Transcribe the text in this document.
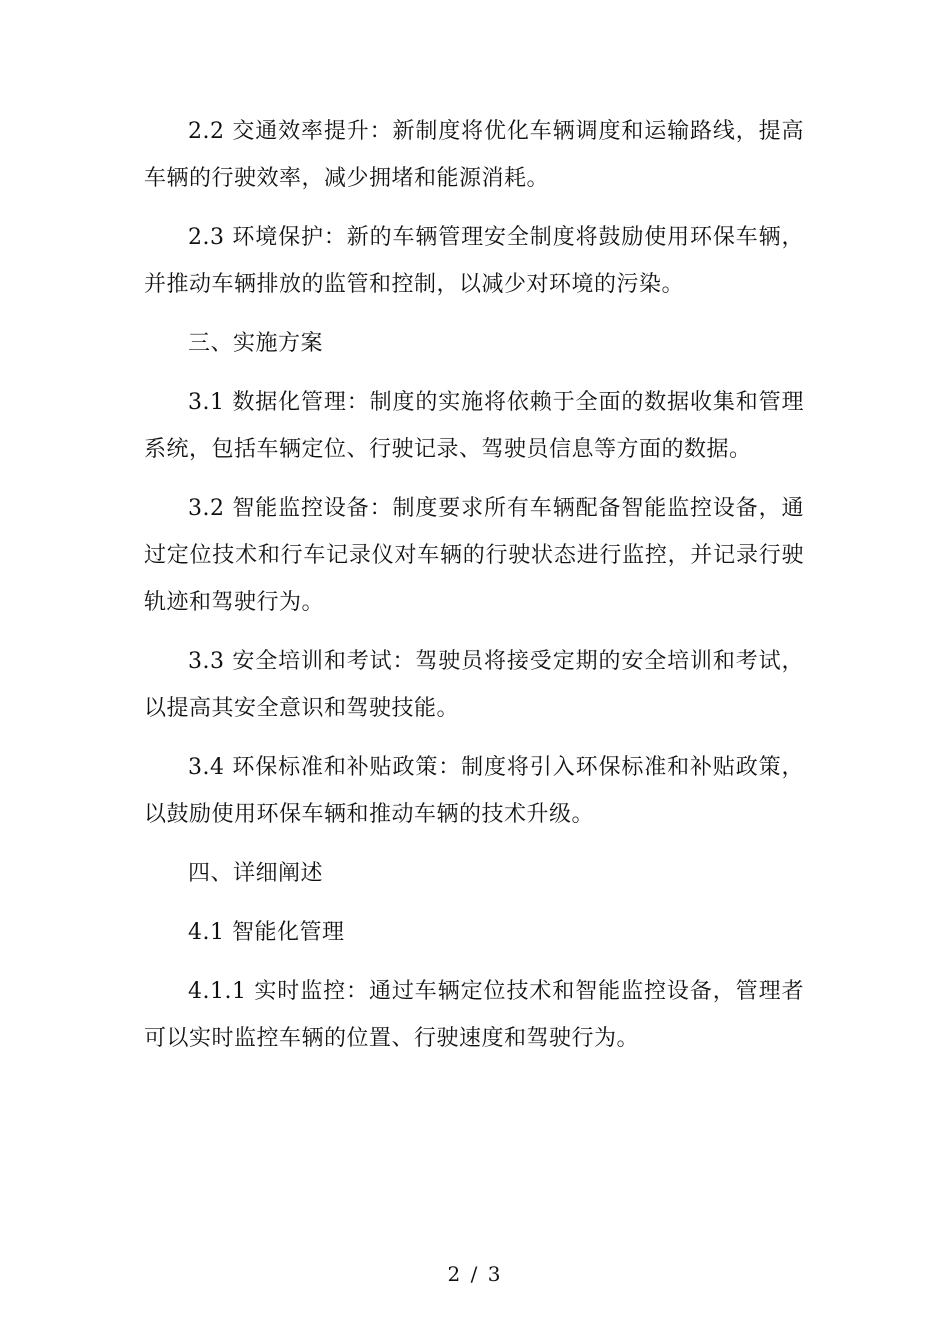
2.2 交通效率提升：新制度将优化车辆调度和运输路线，提高车辆的行驶效率，减少拥堵和能源消耗。

2.3 环境保护：新的车辆管理安全制度将鼓励使用环保车辆，并推动车辆排放的监管和控制，以减少对环境的污染。

三、实施方案

3.1 数据化管理：制度的实施将依赖于全面的数据收集和管理系统，包括车辆定位、行驶记录、驾驶员信息等方面的数据。

3.2 智能监控设备：制度要求所有车辆配备智能监控设备，通过定位技术和行车记录仪对车辆的行驶状态进行监控，并记录行驶轨迹和驾驶行为。

3.3 安全培训和考试：驾驶员将接受定期的安全培训和考试，以提高其安全意识和驾驶技能。

3.4 环保标准和补贴政策：制度将引入环保标准和补贴政策，以鼓励使用环保车辆和推动车辆的技术升级。

四、详细阐述

4.1 智能化管理

4.1.1 实时监控：通过车辆定位技术和智能监控设备，管理者可以实时监控车辆的位置、行驶速度和驾驶行为。

2 / 3
